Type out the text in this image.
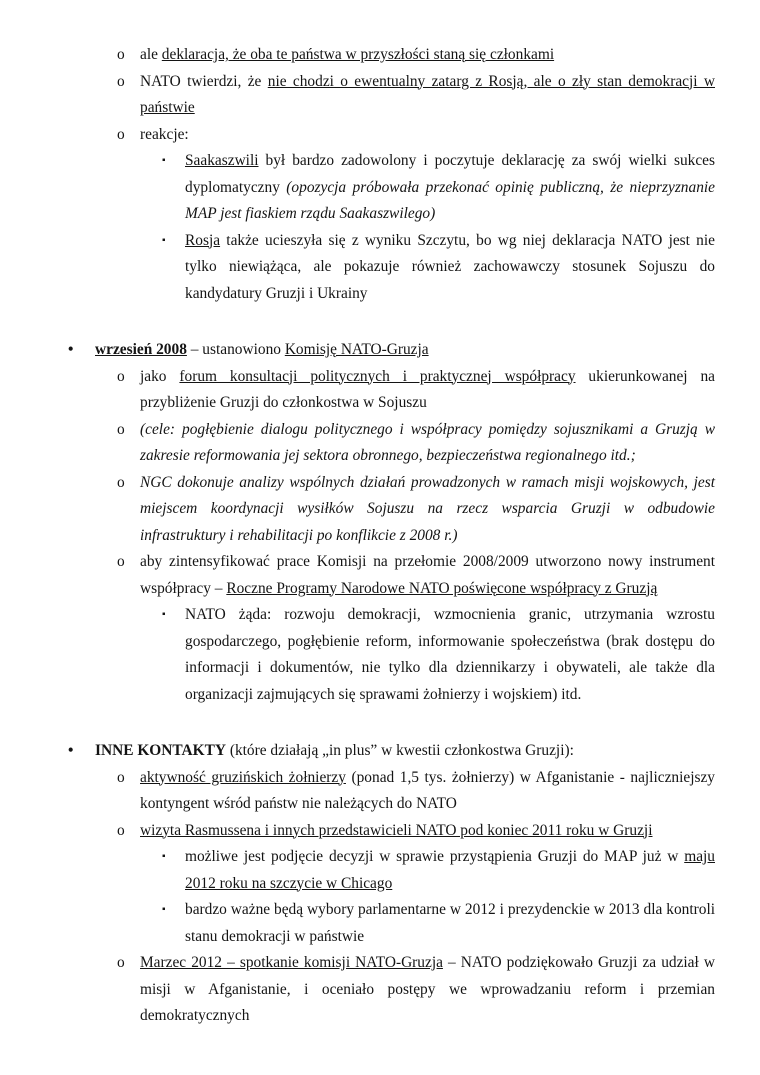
o ale deklaracja, że oba te państwa w przyszłości staną się członkami
o NATO twierdzi, że nie chodzi o ewentualny zatarg z Rosją, ale o zły stan demokracji w państwie
o reakcje:
▪	Saakaszwili był bardzo zadowolony i poczytuje deklarację za swój wielki sukces dyplomatyczny (opozycja próbowała przekonać opinię publiczną, że nieprzyznanie MAP jest fiaskiem rządu Saakaszwilego)
▪	Rosja także ucieszyła się z wyniku Szczytu, bo wg niej deklaracja NATO jest nie tylko niewiążąca, ale pokazuje również zachowawczy stosunek Sojuszu do kandydatury Gruzji i Ukrainy
•	wrzesień 2008 – ustanowiono Komisję NATO-Gruzja
o jako forum konsultacji politycznych i praktycznej współpracy ukierunkowanej na przybliżenie Gruzji do członkostwa w Sojuszu
o (cele: pogłębienie dialogu politycznego i współpracy pomiędzy sojusznikami a Gruzją w zakresie reformowania jej sektora obronnego, bezpieczeństwa regionalnego itd.;
o NGC dokonuje analizy wspólnych działań prowadzonych w ramach misji wojskowych, jest miejscem koordynacji wysiłków Sojuszu na rzecz wsparcia Gruzji w odbudowie infrastruktury i rehabilitacji po konflikcie z 2008 r.)
o aby zintensyfikować prace Komisji na przełomie 2008/2009 utworzono nowy instrument współpracy – Roczne Programy Narodowe NATO poświęcone współpracy z Gruzją
▪	NATO żąda: rozwoju demokracji, wzmocnienia granic, utrzymania wzrostu gospodarczego, pogłębienie reform, informowanie społeczeństwa (brak dostępu do informacji i dokumentów, nie tylko dla dziennikarzy i obywateli, ale także dla organizacji zajmujących się sprawami żołnierzy i wojskiem) itd.
•	INNE KONTAKTY (które działają „in plus” w kwestii członkostwa Gruzji):
o aktywność gruzińskich żołnierzy (ponad 1,5 tys. żołnierzy) w Afganistanie - najliczniejszy kontyngent wśród państw nie należących do NATO
o wizyta Rasmussena i innych przedstawicieli NATO pod koniec 2011 roku w Gruzji
▪	możliwe jest podjęcie decyzji w sprawie przystąpienia Gruzji do MAP już w maju 2012 roku na szczycie w Chicago
▪	bardzo ważne będą wybory parlamentarne w 2012 i prezydenckie w 2013 dla kontroli stanu demokracji w państwie
o Marzec 2012 – spotkanie komisji NATO-Gruzja – NATO podziękowało Gruzji za udział w misji w Afganistanie, i oceniało postępy we wprowadzaniu reform i przemian demokratycznych
